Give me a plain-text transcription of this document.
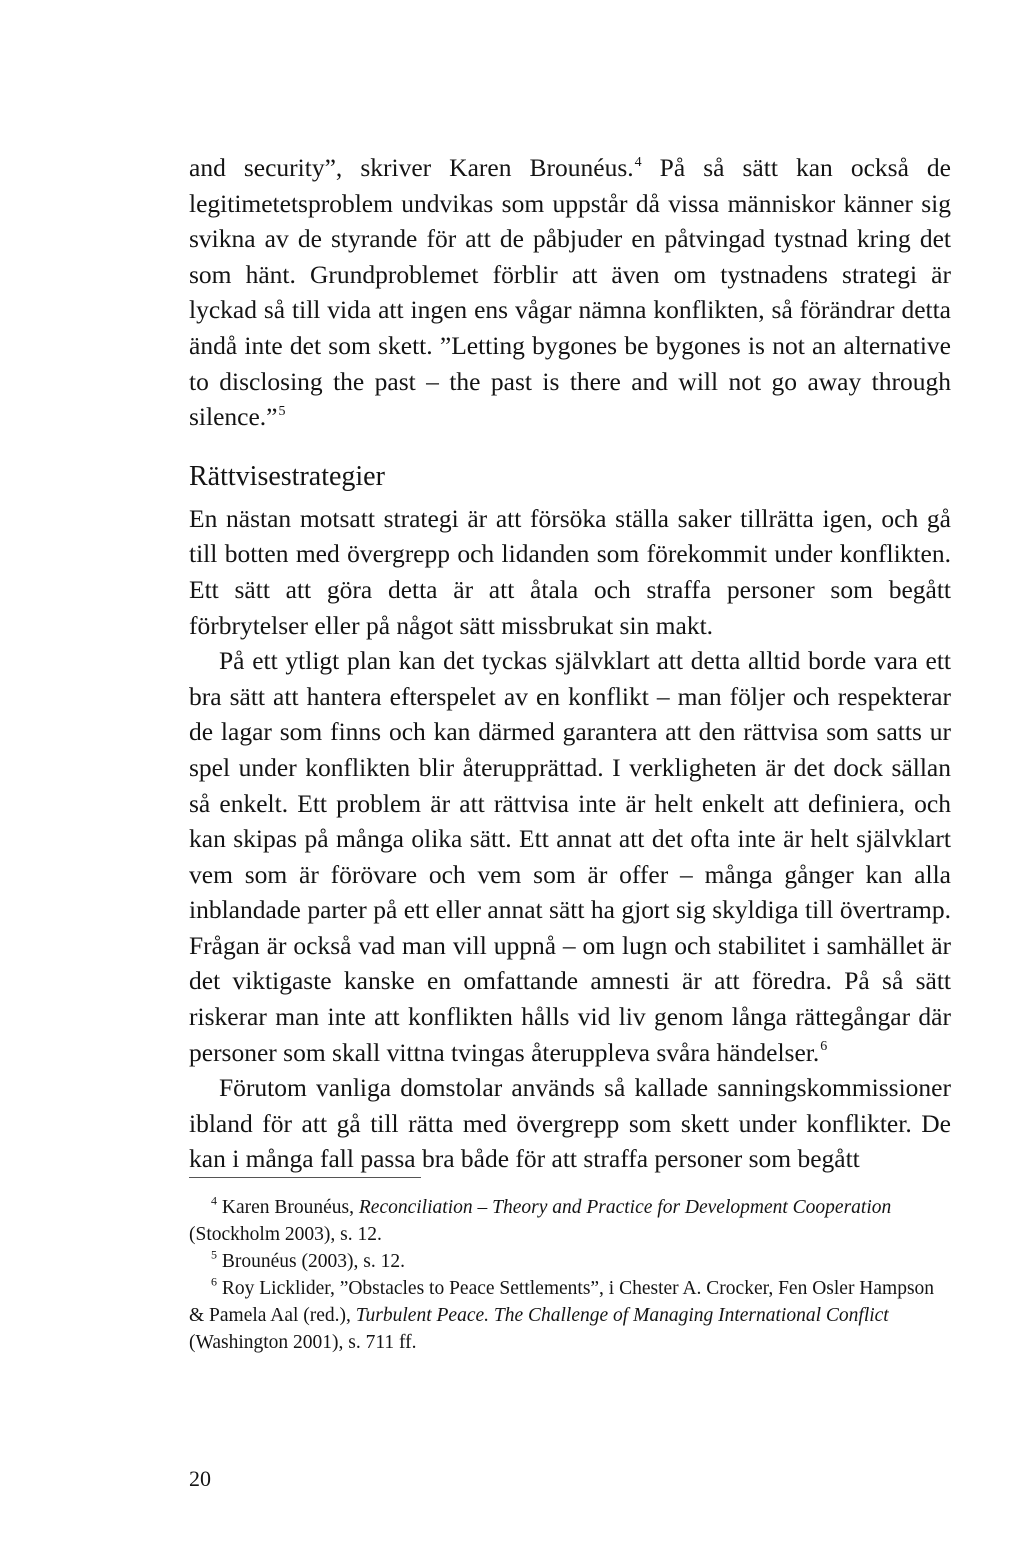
and security”, skriver Karen Brounéus.$^4$ På så sätt kan också de legitimetetsproblem undvikas som uppstår då vissa människor känner sig svikna av de styrande för att de påbjuder en påtvingad tystnad kring det som hänt. Grundproblemet förblir att även om tystnadens strategi är lyckad så till vida att ingen ens vågar nämna konflikten, så förändrar detta ändå inte det som skett. ”Letting bygones be bygones is not an alternative to disclosing the past – the past is there and will not go away through silence.”$^5$

Rättvisestrategier

En nästan motsatt strategi är att försöka ställa saker tillrätta igen, och gå till botten med övergrepp och lidanden som förekommit under konflikten. Ett sätt att göra detta är att åtala och straffa personer som begått förbrytelser eller på något sätt missbrukat sin makt.

På ett ytligt plan kan det tyckas självklart att detta alltid borde vara ett bra sätt att hantera efterspelet av en konflikt – man följer och respekterar de lagar som finns och kan därmed garantera att den rättvisa som satts ur spel under konflikten blir återupprättad. I verkligheten är det dock sällan så enkelt. Ett problem är att rättvisa inte är helt enkelt att definiera, och kan skipas på många olika sätt. Ett annat att det ofta inte är helt självklart vem som är förövare och vem som är offer – många gånger kan alla inblandade parter på ett eller annat sätt ha gjort sig skyldiga till övertramp. Frågan är också vad man vill uppnå – om lugn och stabilitet i samhället är det viktigaste kanske en omfattande amnesti är att föredra. På så sätt riskerar man inte att konflikten hålls vid liv genom långa rättegångar där personer som skall vittna tvingas återuppleva svåra händelser.$^6$

Förutom vanliga domstolar används så kallade sanningskommissioner ibland för att gå till rätta med övergrepp som skett under konflikter. De kan i många fall passa bra både för att straffa personer som begått

$^4$ Karen Brounéus, Reconciliation – Theory and Practice for Development Cooperation (Stockholm 2003), s. 12.

$^5$ Brounéus (2003), s. 12.

$^6$ Roy Licklider, ”Obstacles to Peace Settlements”, i Chester A. Crocker, Fen Osler Hampson & Pamela Aal (red.), Turbulent Peace. The Challenge of Managing International Conflict (Washington 2001), s. 711 ff.

20
